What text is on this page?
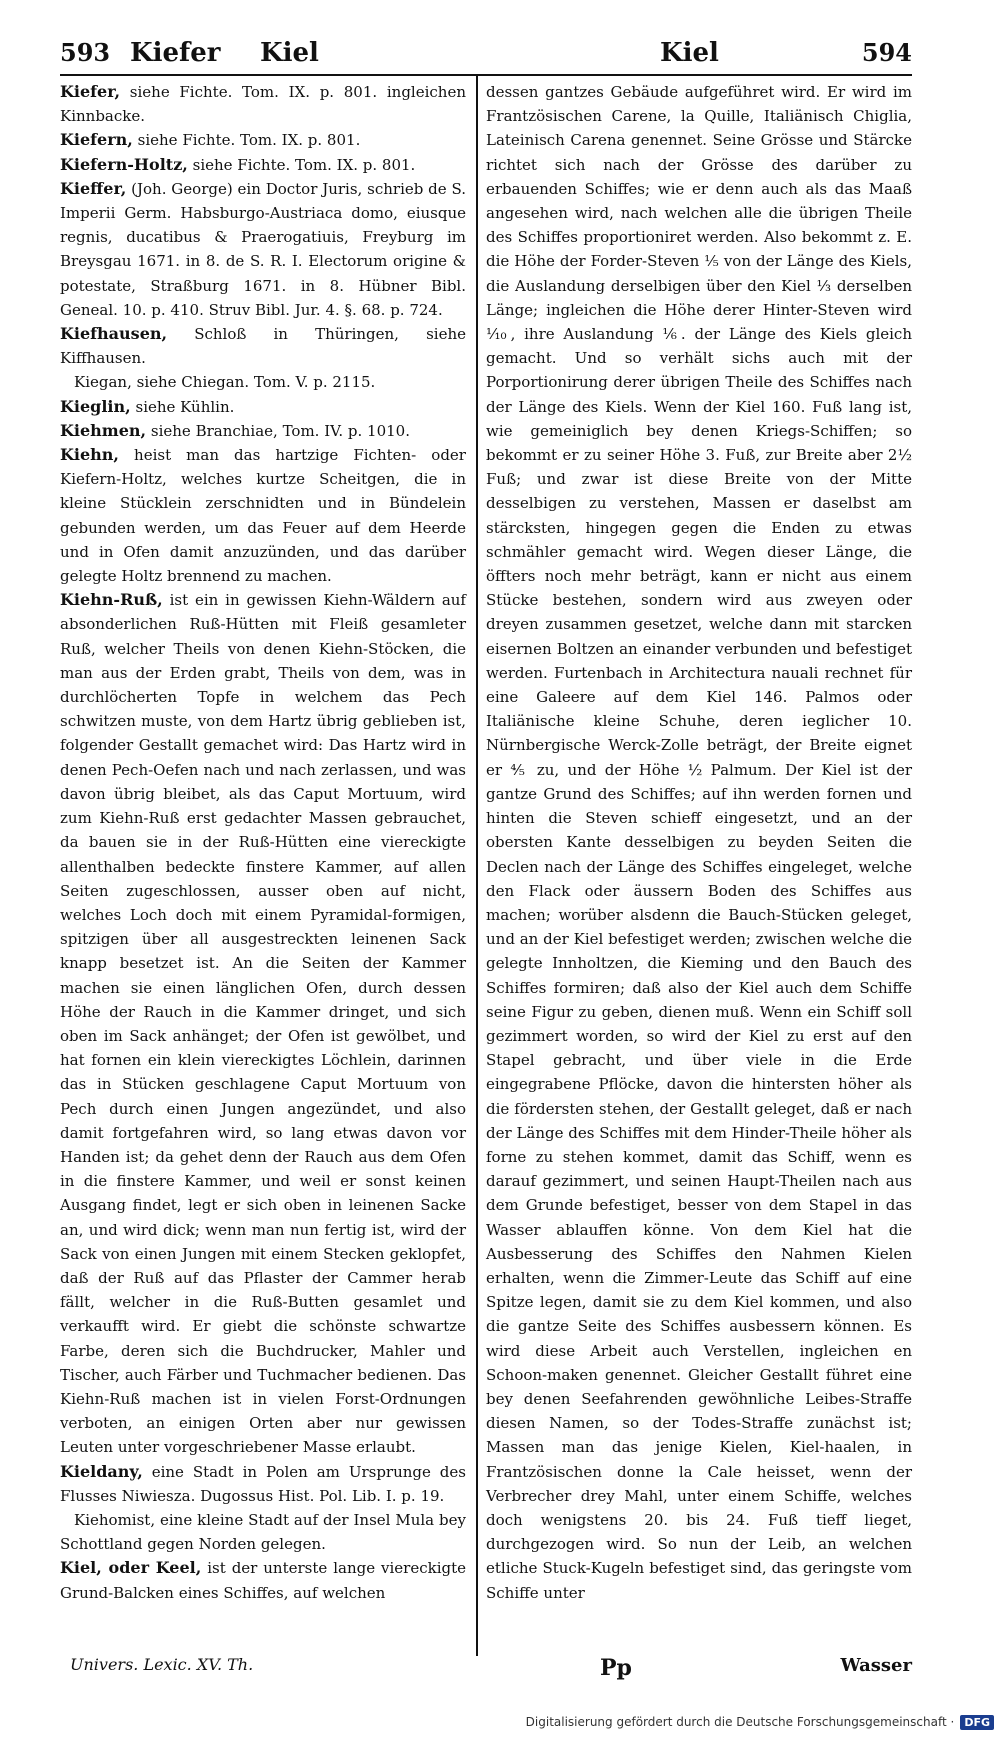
593 Kiefer Kiel	Kiel	594

Kiefer, siehe Fichte. Tom. IX. p. 801. ingleichen Kinnbacke.

Kiefern, siehe Fichte. Tom. IX. p. 801.

Kiefern-Holtz, siehe Fichte. Tom. IX. p. 801.

Kieffer, (Joh. George) ein Doctor Juris, schrieb de S. Imperii Germ. Habsburgo-Austriaca domo, eiusque regnis, ducatibus & Praerogatiuis, Freyburg im Breysgau 1671. in 8. de S. R. I. Electorum origine & potestate, Straßburg 1671. in 8. Hübner Bibl. Geneal. 10. p. 410. Struv Bibl. Jur. 4. §. 68. p. 724.

Kiefhausen, Schloß in Thüringen, siehe Kiffhausen.

Kiegan, siehe Chiegan. Tom. V. p. 2115.

Kieglin, siehe Kühlin.

Kiehmen, siehe Branchiae, Tom. IV. p. 1010.

Kiehn, heist man das hartzige Fichten- oder Kiefern-Holtz, welches kurtze Scheitgen, die in kleine Stücklein zerschnidten und in Bündelein gebunden werden, um das Feuer auf dem Heerde und in Ofen damit anzuzünden, und das darüber gelegte Holtz brennend zu machen.

Kiehn-Ruß, ist ein in gewissen Kiehn-Wäldern auf absonderlichen Ruß-Hütten mit Fleiß gesamleter Ruß, welcher Theils von denen Kiehn-Stöcken, die man aus der Erden grabt, Theils von dem, was in durchlöcherten Topfe in welchem das Pech schwitzen muste, von dem Hartz übrig geblieben ist, folgender Gestallt gemachet wird: Das Hartz wird in denen Pech-Oefen nach und nach zerlassen, und was davon übrig bleibet, als das Caput Mortuum, wird zum Kiehn-Ruß erst gedachter Massen gebrauchet, da bauen sie in der Ruß-Hütten eine viereckigte allenthalben bedeckte finstere Kammer, auf allen Seiten zugeschlossen, ausser oben auf nicht, welches Loch doch mit einem Pyramidal-formigen, spitzigen über all ausgestreckten leinenen Sack knapp besetzet ist. An die Seiten der Kammer machen sie einen länglichen Ofen, durch dessen Höhe der Rauch in die Kammer dringet, und sich oben im Sack anhänget; der Ofen ist gewölbet, und hat fornen ein klein viereckigtes Löchlein, darinnen das in Stücken geschlagene Caput Mortuum von Pech durch einen Jungen angezündet, und also damit fortgefahren wird, so lang etwas davon vor Handen ist; da gehet denn der Rauch aus dem Ofen in die finstere Kammer, und weil er sonst keinen Ausgang findet, legt er sich oben in leinenen Sacke an, und wird dick; wenn man nun fertig ist, wird der Sack von einen Jungen mit einem Stecken geklopfet, daß der Ruß auf das Pflaster der Cammer herab fällt, welcher in die Ruß-Butten gesamlet und verkaufft wird. Er giebt die schönste schwartze Farbe, deren sich die Buchdrucker, Mahler und Tischer, auch Färber und Tuchmacher bedienen. Das Kiehn-Ruß machen ist in vielen Forst-Ordnungen verboten, an einigen Orten aber nur gewissen Leuten unter vorgeschriebener Masse erlaubt.

Kieldany, eine Stadt in Polen am Ursprunge des Flusses Niwiesza. Dugossus Hist. Pol. Lib. I. p. 19.

Kiehomist, eine kleine Stadt auf der Insel Mula bey Schottland gegen Norden gelegen.

Kiel, oder Keel, ist der unterste lange viereckigte Grund-Balcken eines Schiffes, auf welchen

dessen gantzes Gebäude aufgeführet wird. Er wird im Frantzösischen Carene, la Quille, Italiänisch Chiglia, Lateinisch Carena genennet. Seine Grösse und Stärcke richtet sich nach der Grösse des darüber zu erbauenden Schiffes; wie er denn auch als das Maaß angesehen wird, nach welchen alle die übrigen Theile des Schiffes proportioniret werden. Also bekommt z. E. die Höhe der Forder-Steven ⅕ von der Länge des Kiels, die Auslandung derselbigen über den Kiel ⅓ derselben Länge; ingleichen die Höhe derer Hinter-Steven wird ⅒, ihre Auslandung ⅙. der Länge des Kiels gleich gemacht. Und so verhält sichs auch mit der Porportionirung derer übrigen Theile des Schiffes nach der Länge des Kiels. Wenn der Kiel 160. Fuß lang ist, wie gemeiniglich bey denen Kriegs-Schiffen; so bekommt er zu seiner Höhe 3. Fuß, zur Breite aber 2½ Fuß; und zwar ist diese Breite von der Mitte desselbigen zu verstehen, Massen er daselbst am stärcksten, hingegen gegen die Enden zu etwas schmähler gemacht wird. Wegen dieser Länge, die öffters noch mehr beträgt, kann er nicht aus einem Stücke bestehen, sondern wird aus zweyen oder dreyen zusammen gesetzet, welche dann mit starcken eisernen Boltzen an einander verbunden und befestiget werden. Furtenbach in Architectura nauali rechnet für eine Galeere auf dem Kiel 146. Palmos oder Italiänische kleine Schuhe, deren ieglicher 10. Nürnbergische Werck-Zolle beträgt, der Breite eignet er ⅘ zu, und der Höhe ½ Palmum. Der Kiel ist der gantze Grund des Schiffes; auf ihn werden fornen und hinten die Steven schieff eingesetzt, und an der obersten Kante desselbigen zu beyden Seiten die Declen nach der Länge des Schiffes eingeleget, welche den Flack oder äussern Boden des Schiffes aus machen; worüber alsdenn die Bauch-Stücken geleget, und an der Kiel befestiget werden; zwischen welche die gelegte Innholtzen, die Kieming und den Bauch des Schiffes formiren; daß also der Kiel auch dem Schiffe seine Figur zu geben, dienen muß. Wenn ein Schiff soll gezimmert worden, so wird der Kiel zu erst auf den Stapel gebracht, und über viele in die Erde eingegrabene Pflöcke, davon die hintersten höher als die fördersten stehen, der Gestallt geleget, daß er nach der Länge des Schiffes mit dem Hinder-Theile höher als forne zu stehen kommet, damit das Schiff, wenn es darauf gezimmert, und seinen Haupt-Theilen nach aus dem Grunde befestiget, besser von dem Stapel in das Wasser ablauffen könne. Von dem Kiel hat die Ausbesserung des Schiffes den Nahmen Kielen erhalten, wenn die Zimmer-Leute das Schiff auf eine Spitze legen, damit sie zu dem Kiel kommen, und also die gantze Seite des Schiffes ausbessern können. Es wird diese Arbeit auch Verstellen, ingleichen en Schoon-maken genennet. Gleicher Gestallt führet eine bey denen Seefahrenden gewöhnliche Leibes-Straffe diesen Namen, so der Todes-Straffe zunächst ist; Massen man das jenige Kielen, Kiel-haalen, in Frantzösischen donne la Cale heisset, wenn der Verbrecher drey Mahl, unter einem Schiffe, welches doch wenigstens 20. bis 24. Fuß tieff lieget, durchgezogen wird. So nun der Leib, an welchen etliche Stuck-Kugeln befestiget sind, das geringste vom Schiffe unter

Univers. Lexic. XV. Th.	Pp	Wasser
Digitalisierung gefördert durch die Deutsche Forschungsgemeinschaft · DFG
